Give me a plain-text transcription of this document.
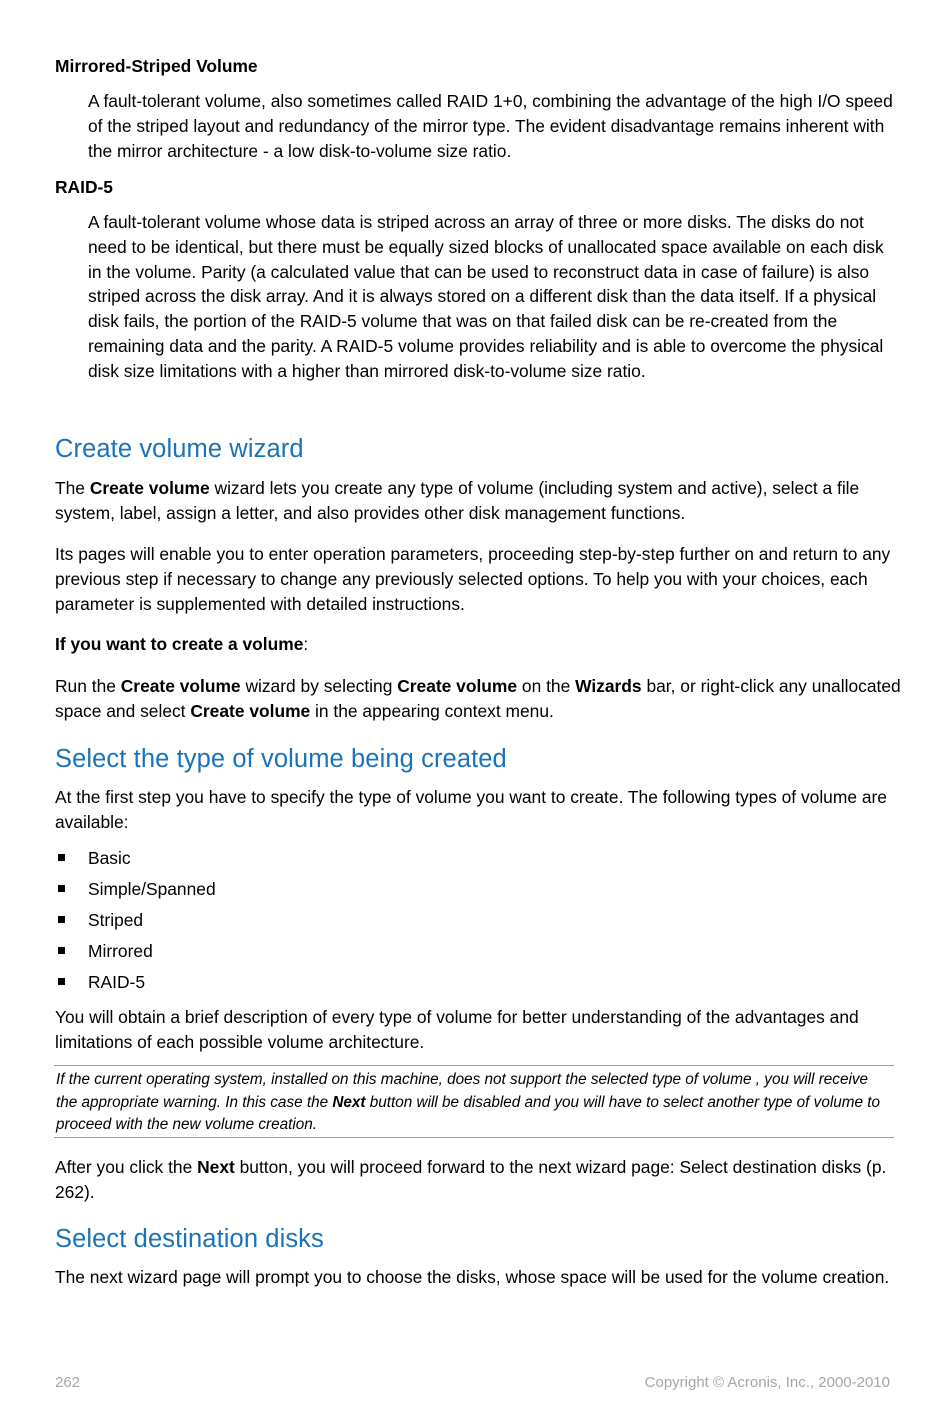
Mirrored-Striped Volume

A fault-tolerant volume, also sometimes called RAID 1+0, combining the advantage of the high I/O speed of the striped layout and redundancy of the mirror type. The evident disadvantage remains inherent with the mirror architecture - a low disk-to-volume size ratio.

RAID-5

A fault-tolerant volume whose data is striped across an array of three or more disks. The disks do not need to be identical, but there must be equally sized blocks of unallocated space available on each disk in the volume. Parity (a calculated value that can be used to reconstruct data in case of failure) is also striped across the disk array. And it is always stored on a different disk than the data itself. If a physical disk fails, the portion of the RAID-5 volume that was on that failed disk can be re-created from the remaining data and the parity. A RAID-5 volume provides reliability and is able to overcome the physical disk size limitations with a higher than mirrored disk-to-volume size ratio.

Create volume wizard

The Create volume wizard lets you create any type of volume (including system and active), select a file system, label, assign a letter, and also provides other disk management functions.

Its pages will enable you to enter operation parameters, proceeding step-by-step further on and return to any previous step if necessary to change any previously selected options. To help you with your choices, each parameter is supplemented with detailed instructions.

If you want to create a volume:

Run the Create volume wizard by selecting Create volume on the Wizards bar, or right-click any unallocated space and select Create volume in the appearing context menu.

Select the type of volume being created

At the first step you have to specify the type of volume you want to create. The following types of volume are available:

Basic
Simple/Spanned
Striped
Mirrored
RAID-5

You will obtain a brief description of every type of volume for better understanding of the advantages and limitations of each possible volume architecture.

If the current operating system, installed on this machine, does not support the selected type of volume , you will receive the appropriate warning. In this case the Next button will be disabled and you will have to select another type of volume to proceed with the new volume creation.

After you click the Next button, you will proceed forward to the next wizard page: Select destination disks (p. 262).

Select destination disks

The next wizard page will prompt you to choose the disks, whose space will be used for the volume creation.

262	Copyright © Acronis, Inc., 2000-2010
